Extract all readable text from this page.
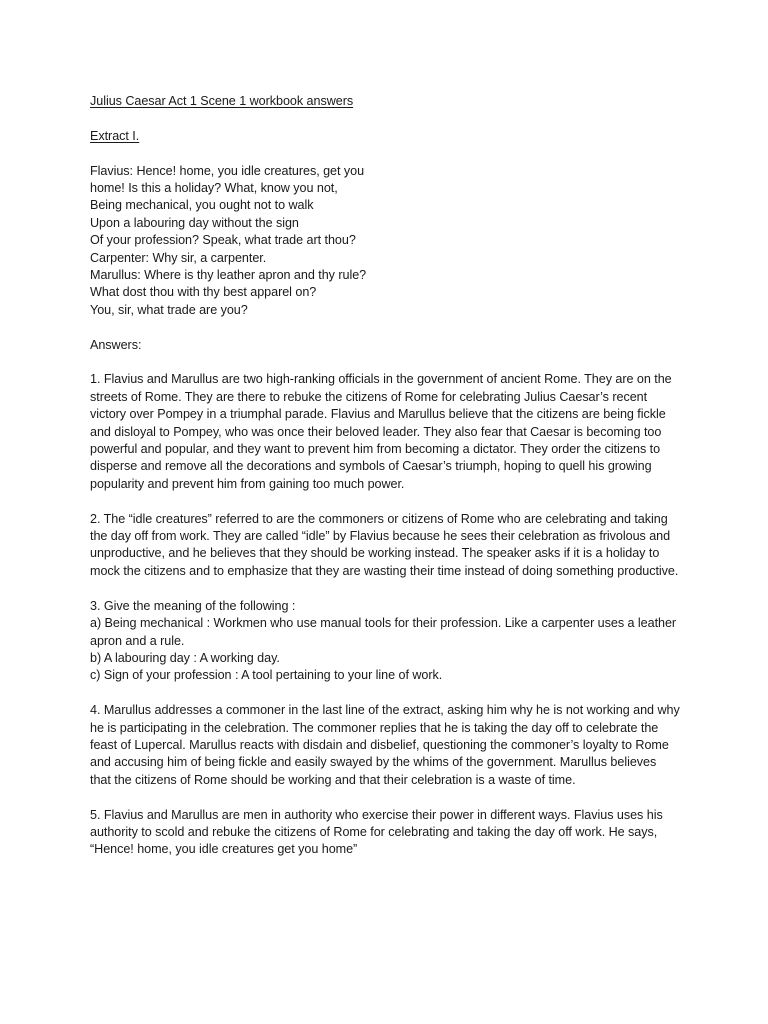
Julius Caesar Act 1 Scene 1 workbook answers
Extract I.
Flavius: Hence! home, you idle creatures, get you
home! Is this a holiday? What, know you not,
Being mechanical, you ought not to walk
Upon a labouring day without the sign
Of your profession? Speak, what trade art thou?
Carpenter: Why sir, a carpenter.
Marullus: Where is thy leather apron and thy rule?
What dost thou with thy best apparel on?
You, sir, what trade are you?
Answers:

1. Flavius and Marullus are two high-ranking officials in the government of ancient Rome. They are on the streets of Rome. They are there to rebuke the citizens of Rome for celebrating Julius Caesar’s recent victory over Pompey in a triumphal parade. Flavius and Marullus believe that the citizens are being fickle and disloyal to Pompey, who was once their beloved leader. They also fear that Caesar is becoming too powerful and popular, and they want to prevent him from becoming a dictator. They order the citizens to disperse and remove all the decorations and symbols of Caesar’s triumph, hoping to quell his growing popularity and prevent him from gaining too much power.

2. The “idle creatures” referred to are the commoners or citizens of Rome who are celebrating and taking the day off from work. They are called “idle” by Flavius because he sees their celebration as frivolous and unproductive, and he believes that they should be working instead. The speaker asks if it is a holiday to mock the citizens and to emphasize that they are wasting their time instead of doing something productive.

3. Give the meaning of the following :
a) Being mechanical : Workmen who use manual tools for their profession. Like a carpenter uses a leather apron and a rule.
b) A labouring day : A working day.
c) Sign of your profession : A tool pertaining to your line of work.

4. Marullus addresses a commoner in the last line of the extract, asking him why he is not working and why he is participating in the celebration. The commoner replies that he is taking the day off to celebrate the feast of Lupercal. Marullus reacts with disdain and disbelief, questioning the commoner’s loyalty to Rome and accusing him of being fickle and easily swayed by the whims of the government. Marullus believes that the citizens of Rome should be working and that their celebration is a waste of time.

5. Flavius and Marullus are men in authority who exercise their power in different ways. Flavius uses his authority to scold and rebuke the citizens of Rome for celebrating and taking the day off work. He says, “Hence! home, you idle creatures get you home”
